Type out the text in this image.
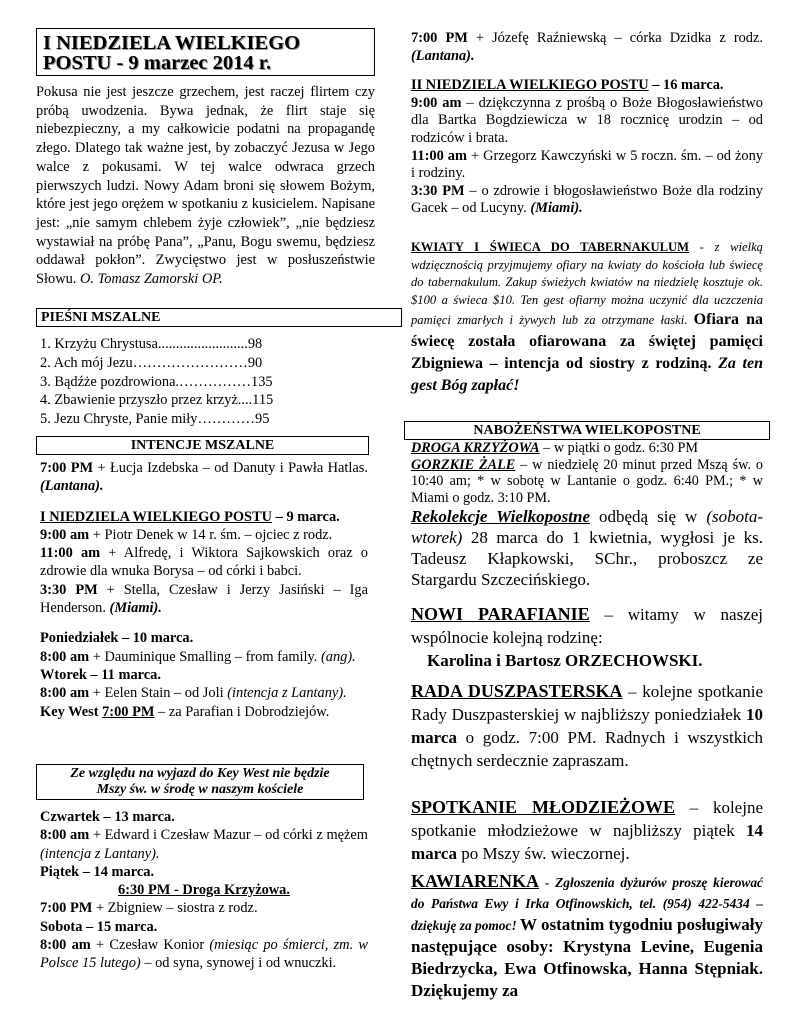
I NIEDZIELA WIELKIEGO
POSTU - 9 marzec 2014 r.
Pokusa nie jest jeszcze grzechem, jest raczej flirtem czy próbą uwodzenia. Bywa jednak, że flirt staje się niebezpieczny, a my całkowicie podatni na propagandę złego. Dlatego tak ważne jest, by zobaczyć Jezusa w Jego walce z pokusami. W tej walce odwraca grzech pierwszych ludzi. Nowy Adam broni się słowem Bożym, które jest jego orężem w spotkaniu z kusicielem. Napisane jest: „nie samym chlebem żyje człowiek”, „nie będziesz wystawiał na próbę Pana”, „Panu, Bogu swemu, będziesz oddawał pokłon”. Zwycięstwo jest w posłuszeństwie Słowu. O. Tomasz Zamorski OP.
PIEŚNI MSZALNE
1. Krzyżu Chrystusa.........................98
2. Ach mój Jezu……………………90
3. Bądźże pozdrowiona.……………135
4. Zbawienie przyszło przez krzyż....115
5. Jezu Chryste, Panie miły…………95
INTENCJE MSZALNE

7:00 PM + Łucja Izdebska – od Danuty i Pawła Hatlas. (Lantana).

I NIEDZIELA WIELKIEGO POSTU – 9 marca.

9:00 am + Piotr Denek w 14 r. śm. – ojciec z rodz.

11:00 am + Alfredę, i Wiktora Sajkowskich oraz o zdrowie dla wnuka Borysa – od córki i babci.

3:30 PM + Stella, Czesław i Jerzy Jasiński – Iga Henderson. (Miami).

Poniedziałek – 10 marca.

8:00 am + Dauminique Smalling – from family. (ang).

Wtorek – 11 marca.

8:00 am + Eelen Stain – od Joli (intencja z Lantany).

Key West 7:00 PM – za Parafian i Dobrodziejów.

Ze względu na wyjazd do Key West nie będzie
Mszy św. w środę w naszym kościele

Czwartek – 13 marca.

8:00 am + Edward i Czesław Mazur – od córki z mężem (intencja z Lantany).

Piątek – 14 marca.

6:30 PM - Droga Krzyżowa.

7:00 PM + Zbigniew – siostra z rodz.

Sobota – 15 marca.

8:00 am + Czesław Konior (miesiąc po śmierci, zm. w Polsce 15 lutego) – od syna, synowej i od wnuczki.

7:00 PM + Józefę Raźniewską – córka Dzidka z rodz. (Lantana).

II NIEDZIELA WIELKIEGO POSTU – 16 marca.

9:00 am – dziękczynna z prośbą o Boże Błogosławieństwo dla Bartka Bogdziewicza w 18 rocznicę urodzin – od rodziców i brata.

11:00 am + Grzegorz Kawczyński w 5 roczn. śm. – od żony i rodziny.

3:30 PM – o zdrowie i błogosławieństwo Boże dla rodziny Gacek – od Lucyny. (Miami).

KWIATY I ŚWIECA DO TABERNAKULUM - z wielką wdzięcznością przyjmujemy ofiary na kwiaty do kościoła lub świecę do tabernakulum. Zakup świeżych kwiatów na niedzielę kosztuje ok. $100 a świeca $10. Ten gest ofiarny można uczynić dla uczczenia pamięci zmarłych i żywych lub za otrzymane łaski. Ofiara na świecę została ofiarowana za świętej pamięci Zbigniewa – intencja od siostry z rodziną. Za ten gest Bóg zapłać!
NABOŻEŃSTWA WIELKOPOSTNE

DROGA KRZYŻOWA – w piątki o godz. 6:30 PM

GORZKIE ŻALE – w niedzielę 20 minut przed Mszą św. o 10:40 am; * w sobotę w Lantanie o godz. 6:40 PM.; * w Miami o godz. 3:10 PM.

Rekolekcje Wielkopostne odbędą się w (sobota-wtorek) 28 marca do 1 kwietnia, wygłosi je ks. Tadeusz Kłapkowski, SChr., proboszcz ze Stargardu Szczecińskiego.

NOWI PARAFIANIE – witamy w naszej wspólnocie kolejną rodzinę:
Karolina i Bartosz ORZECHOWSKI.
RADA DUSZPASTERSKA – kolejne spotkanie Rady Duszpasterskiej w najbliższy poniedziałek 10 marca o godz. 7:00 PM. Radnych i wszystkich chętnych serdecznie zapraszam.
SPOTKANIE MŁODZIEŻOWE – kolejne spotkanie młodzieżowe w najbliższy piątek 14 marca po Mszy św. wieczornej.
KAWIARENKA - Zgłoszenia dyżurów proszę kierować do Państwa Ewy i Irka Otfinowskich, tel. (954) 422-5434 – dziękuję za pomoc! W ostatnim tygodniu posługiwały następujące osoby: Krystyna Levine, Eugenia Biedrzycka, Ewa Otfinowska, Hanna Stępniak. Dziękujemy za
